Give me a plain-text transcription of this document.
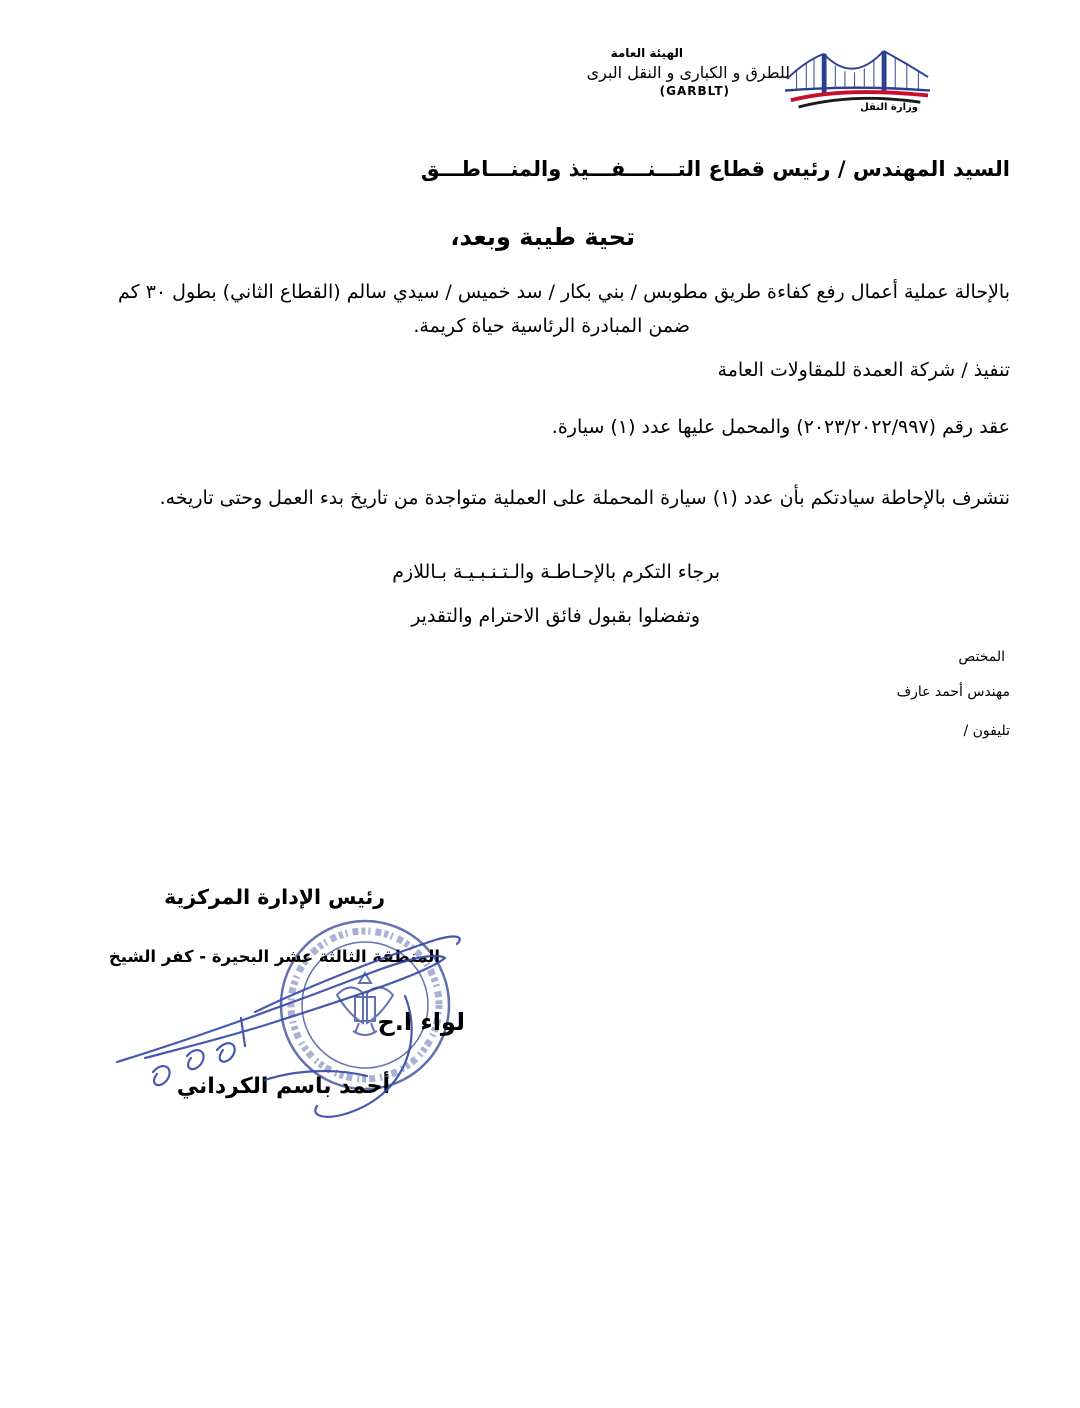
الهيئة العامة
للطرق و الكبارى و النقل البرى
(GARBLT)
وزارة النقل
السيد المهندس / رئيس قطاع التـــنـــفـــيذ والمنـــاطـــق
تحية طيبة وبعد،
بالإحالة عملية أعمال رفع كفاءة طريق مطوبس / بني بكار / سد خميس / سيدي سالم (القطاع الثاني) بطول ٣٠ كم
ضمن المبادرة الرئاسية حياة كريمة.
تنفيذ / شركة العمدة للمقاولات العامة
عقد رقم (٢٠٢٣/٢٠٢٢/٩٩٧) والمحمل عليها عدد (١) سيارة.
نتشرف بالإحاطة سيادتكم بأن عدد (١) سيارة المحملة على العملية متواجدة من تاريخ بدء العمل وحتى تاريخه.
برجاء التكرم بالإحـاطـة والـتـنـبـيـة بـاللازم
وتفضلوا بقبول فائق الاحترام والتقدير
المختص
مهندس أحمد عارف
تليفون /
رئيس الإدارة المركزية
المنطقة الثالثة عشر البحيرة - كفر الشيخ
لواء ا.ح
أحمد باسم الكرداني
